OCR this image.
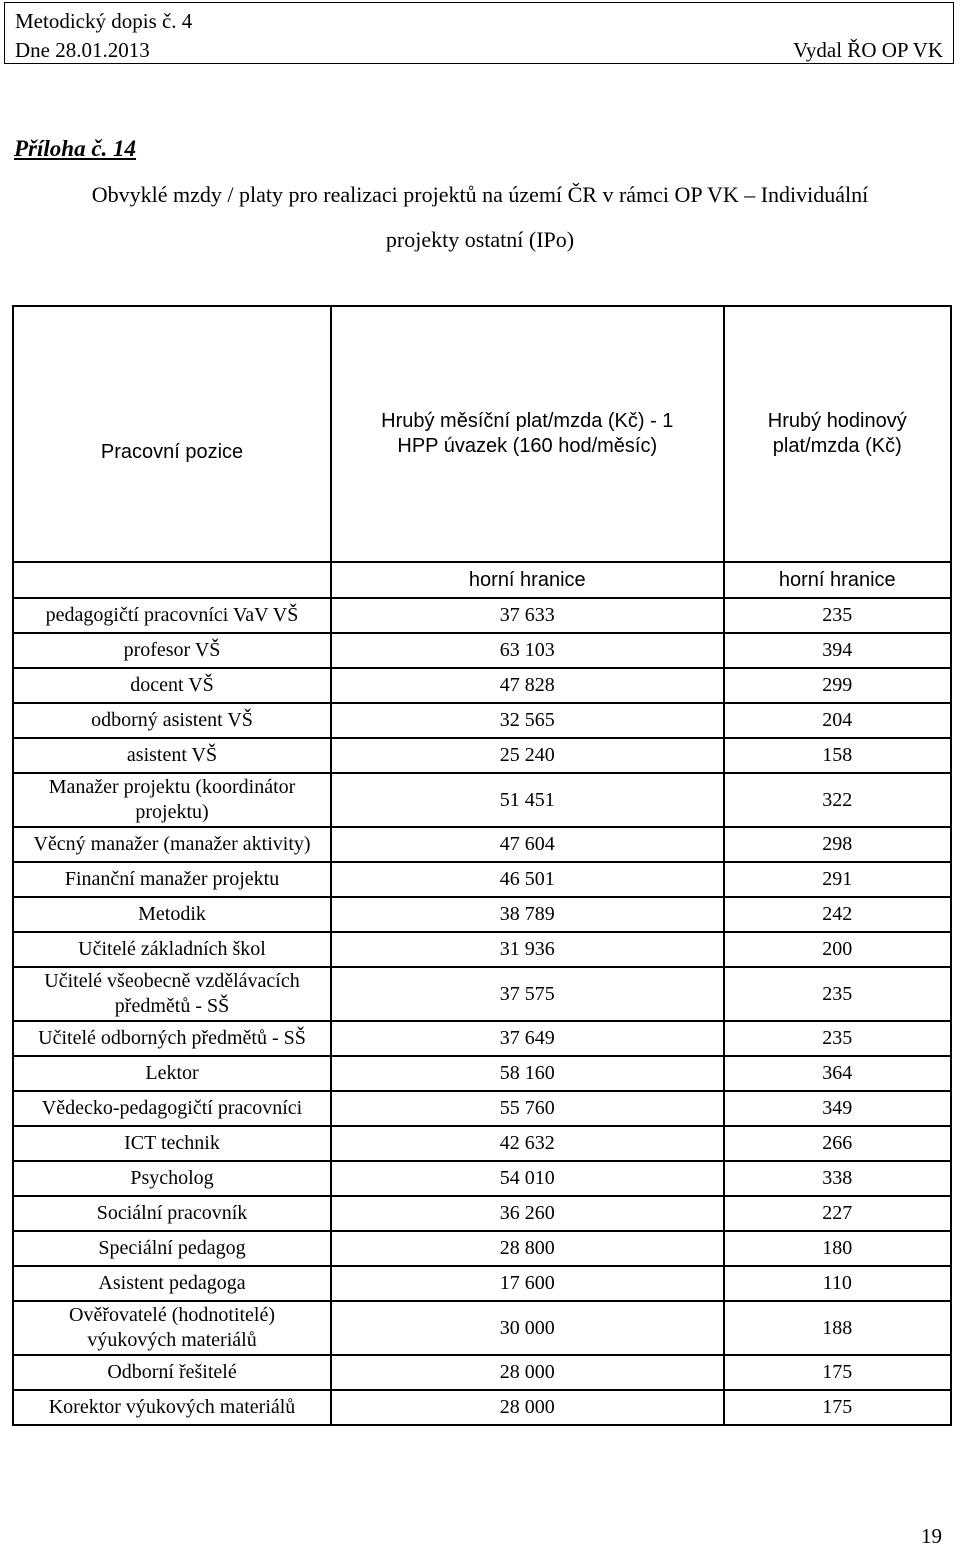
Metodický dopis č. 4
Dne 28.01.2013	Vydal ŘO OP VK
Příloha č. 14
Obvyklé mzdy / platy pro realizaci projektů na území ČR v rámci OP VK – Individuální
projekty ostatní (IPo)
Pracovní pozice	Hrubý měsíční plat/mzda (Kč) - 1 HPP úvazek (160 hod/měsíc)	Hrubý hodinový plat/mzda (Kč)
	horní hranice	horní hranice
pedagogičtí pracovníci VaV VŠ	37 633	235
profesor VŠ	63 103	394
docent VŠ	47 828	299
odborný asistent VŠ	32 565	204
asistent VŠ	25 240	158
Manažer projektu (koordinátor projektu)	51 451	322
Věcný manažer (manažer aktivity)	47 604	298
Finanční manažer projektu	46 501	291
Metodik	38 789	242
Učitelé základních škol	31 936	200
Učitelé všeobecně vzdělávacích předmětů - SŠ	37 575	235
Učitelé odborných předmětů - SŠ	37 649	235
Lektor	58 160	364
Vědecko-pedagogičtí pracovníci	55 760	349
ICT technik	42 632	266
Psycholog	54 010	338
Sociální pracovník	36 260	227
Speciální pedagog	28 800	180
Asistent pedagoga	17 600	110
Ověřovatelé (hodnotitelé) výukových materiálů	30 000	188
Odborní řešitelé	28 000	175
Korektor výukových materiálů	28 000	175
19
